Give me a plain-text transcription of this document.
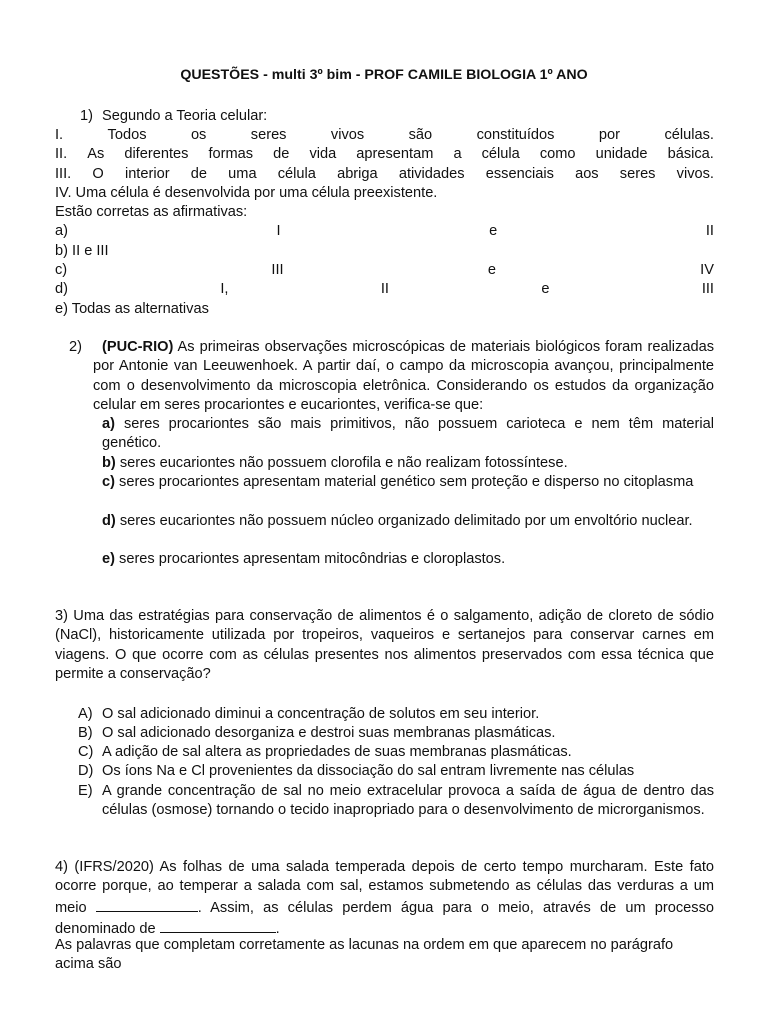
QUESTÕES - multi 3º bim - PROF CAMILE BIOLOGIA 1º ANO
1) Segundo a Teoria celular:
I.	Todos	os	seres	vivos	são	constituídos	por	células.
II. As diferentes formas de vida apresentam a célula como unidade básica.
III. O interior de uma célula abriga atividades essenciais aos seres vivos.
IV. Uma célula é desenvolvida por uma célula preexistente.
Estão corretas as afirmativas:
a)	I	e	II
b) II e III
c)	III	e	IV
d)	I,	II	e	III
e) Todas as alternativas
2)	(PUC-RIO) As primeiras observações microscópicas de materiais biológicos foram realizadas por Antonie van Leeuwenhoek. A partir daí, o campo da microscopia avançou, principalmente com o desenvolvimento da microscopia eletrônica. Considerando os estudos da organização celular em seres procariontes e eucariontes, verifica-se que:
a) seres procariontes são mais primitivos, não possuem carioteca e nem têm material genético.
b) seres eucariontes não possuem clorofila e não realizam fotossíntese.
c) seres procariontes apresentam material genético sem proteção e disperso no citoplasma
d) seres eucariontes não possuem núcleo organizado delimitado por um envoltório nuclear.
e) seres procariontes apresentam mitocôndrias e cloroplastos.
3) Uma das estratégias para conservação de alimentos é o salgamento, adição de cloreto de sódio (NaCl), historicamente utilizada por tropeiros, vaqueiros e sertanejos para conservar carnes em viagens. O que ocorre com as células presentes nos alimentos preservados com essa técnica que permite a conservação?
A) O sal adicionado diminui a concentração de solutos em seu interior.
B) O sal adicionado desorganiza e destroi suas membranas plasmáticas.
C) A adição de sal altera as propriedades de suas membranas plasmáticas.
D) Os íons Na e Cl provenientes da dissociação do sal entram livremente nas células
E) A grande concentração de sal no meio extracelular provoca a saída de água de dentro das células (osmose) tornando o tecido inapropriado para o desenvolvimento de microrganismos.
4) (IFRS/2020) As folhas de uma salada temperada depois de certo tempo murcharam. Este fato ocorre porque, ao temperar a salada com sal, estamos submetendo as células das verduras a um meio	. Assim, as células perdem água para o meio, através de um processo denominado de	.
As palavras que completam corretamente as lacunas na ordem em que aparecem no parágrafo acima são
